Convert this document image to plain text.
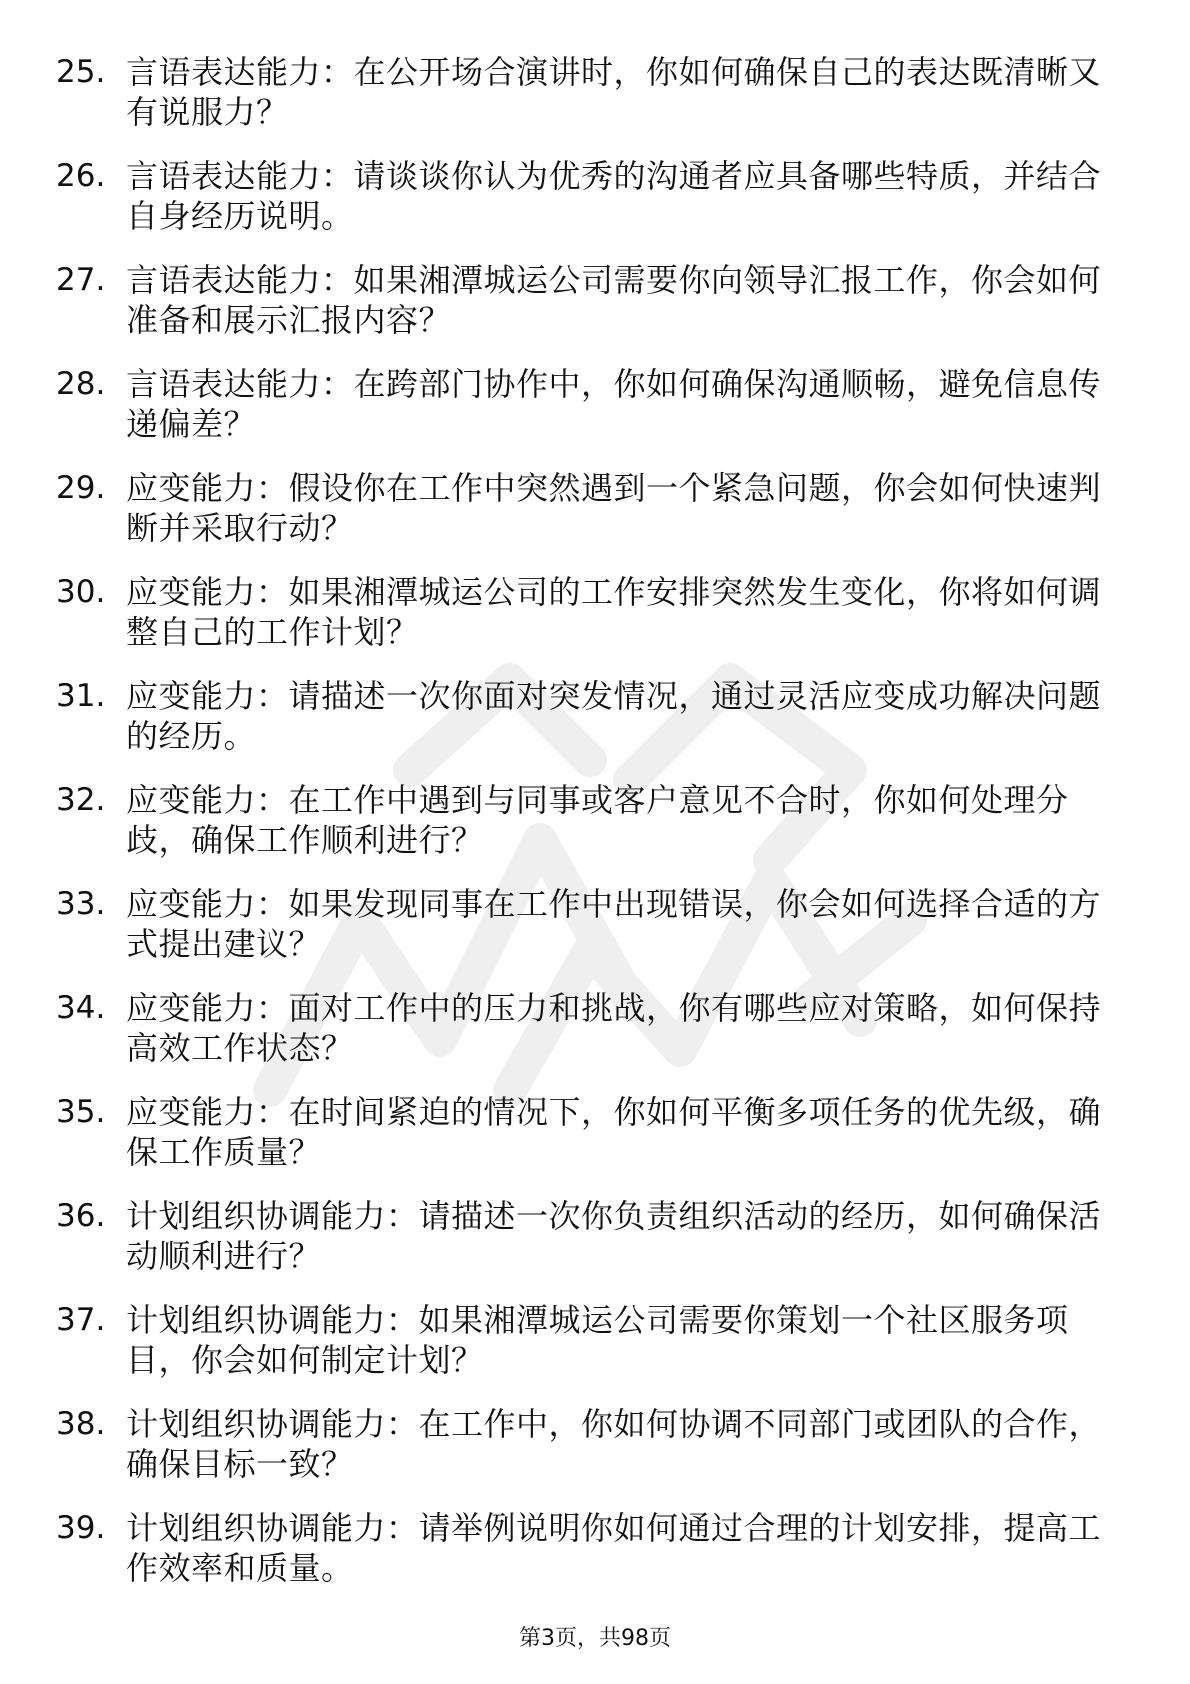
25. 言语表达能力：在公开场合演讲时，你如何确保自己的表达既清晰又有说服力？
26. 言语表达能力：请谈谈你认为优秀的沟通者应具备哪些特质，并结合自身经历说明。
27. 言语表达能力：如果湘潭城运公司需要你向领导汇报工作，你会如何准备和展示汇报内容？
28. 言语表达能力：在跨部门协作中，你如何确保沟通顺畅，避免信息传递偏差？
29. 应变能力：假设你在工作中突然遇到一个紧急问题，你会如何快速判断并采取行动？
30. 应变能力：如果湘潭城运公司的工作安排突然发生变化，你将如何调整自己的工作计划？
31. 应变能力：请描述一次你面对突发情况，通过灵活应变成功解决问题的经历。
32. 应变能力：在工作中遇到与同事或客户意见不合时，你如何处理分歧，确保工作顺利进行？
33. 应变能力：如果发现同事在工作中出现错误，你会如何选择合适的方式提出建议？
34. 应变能力：面对工作中的压力和挑战，你有哪些应对策略，如何保持高效工作状态？
35. 应变能力：在时间紧迫的情况下，你如何平衡多项任务的优先级，确保工作质量？
36. 计划组织协调能力：请描述一次你负责组织活动的经历，如何确保活动顺利进行？
37. 计划组织协调能力：如果湘潭城运公司需要你策划一个社区服务项目，你会如何制定计划？
38. 计划组织协调能力：在工作中，你如何协调不同部门或团队的合作，确保目标一致？
39. 计划组织协调能力：请举例说明你如何通过合理的计划安排，提高工作效率和质量。
第3页，共98页
